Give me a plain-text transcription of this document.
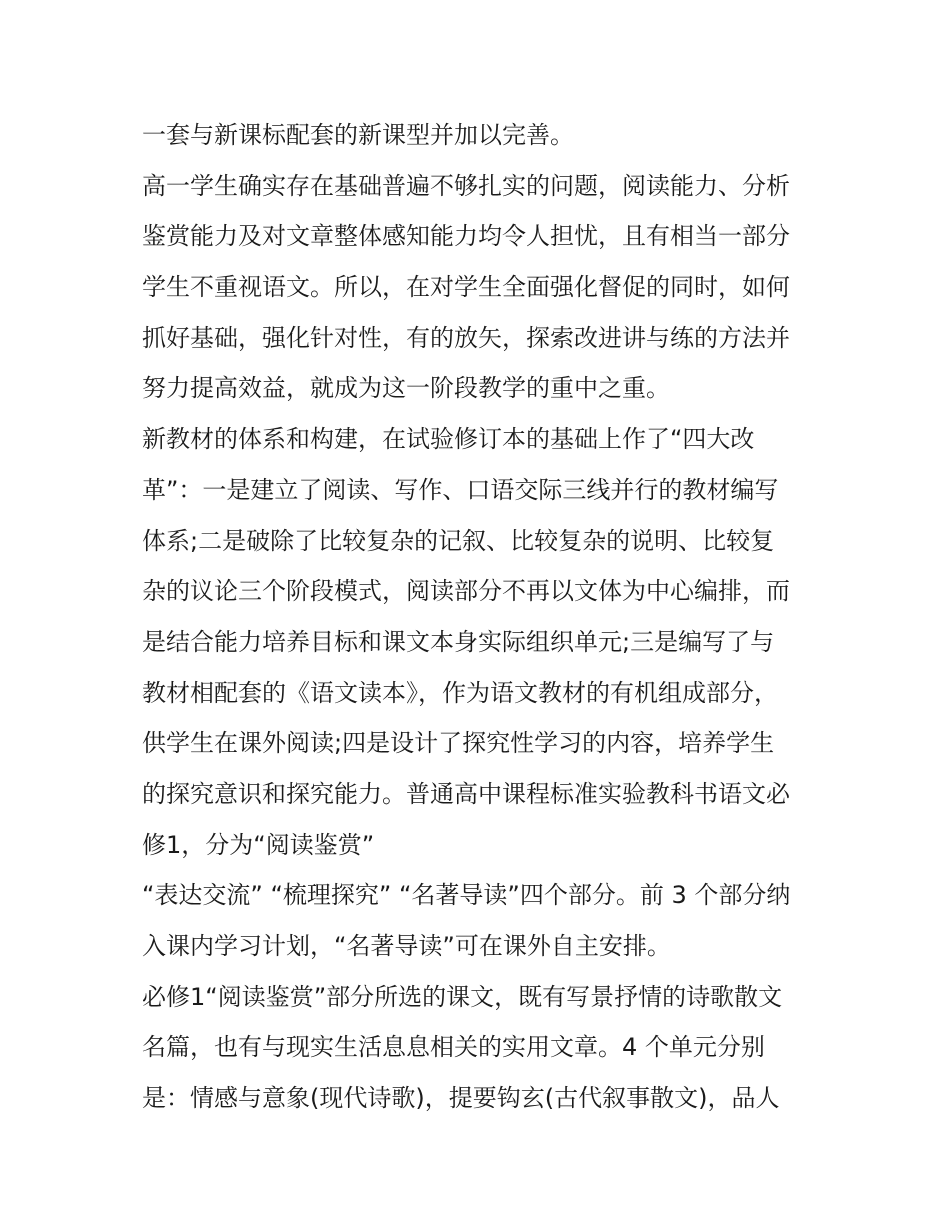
一套与新课标配套的新课型并加以完善。
高一学生确实存在基础普遍不够扎实的问题，阅读能力、分析
鉴赏能力及对文章整体感知能力均令人担忧，且有相当一部分
学生不重视语文。所以，在对学生全面强化督促的同时，如何
抓好基础，强化针对性，有的放矢，探索改进讲与练的方法并
努力提高效益，就成为这一阶段教学的重中之重。
新教材的体系和构建，在试验修订本的基础上作了“四大改
革”：一是建立了阅读、写作、口语交际三线并行的教材编写
体系;二是破除了比较复杂的记叙、比较复杂的说明、比较复
杂的议论三个阶段模式，阅读部分不再以文体为中心编排，而
是结合能力培养目标和课文本身实际组织单元;三是编写了与
教材相配套的《语文读本》，作为语文教材的有机组成部分，
供学生在课外阅读;四是设计了探究性学习的内容，培养学生
的探究意识和探究能力。普通高中课程标准实验教科书语文必
修1，分为“阅读鉴赏”
“表达交流” “梳理探究” “名著导读”四个部分。前 3 个部分纳
入课内学习计划，“名著导读”可在课外自主安排。
必修1“阅读鉴赏”部分所选的课文，既有写景抒情的诗歌散文
名篇，也有与现实生活息息相关的实用文章。4 个单元分别
是：情感与意象(现代诗歌)，提要钩玄(古代叙事散文)，品人
